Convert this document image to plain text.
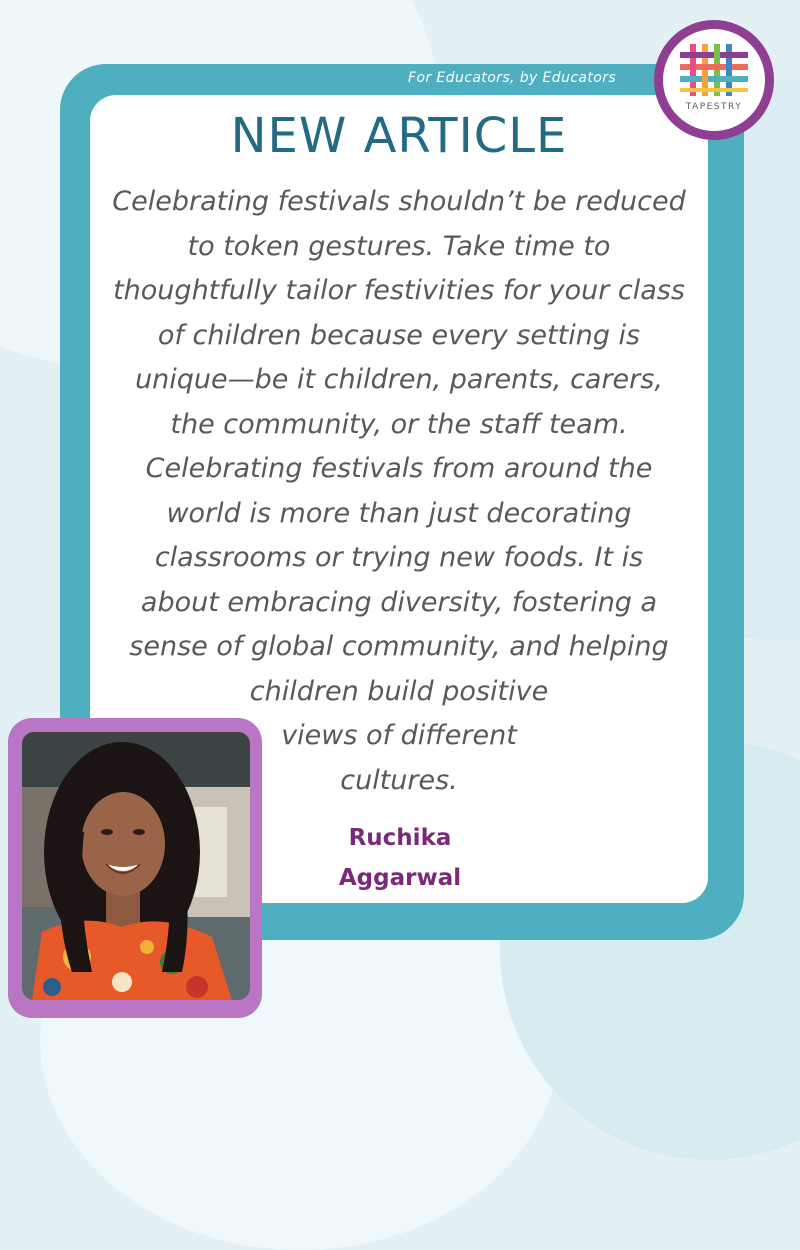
For Educators, by Educators
NEW ARTICLE

Celebrating festivals shouldn’t be reduced
to token gestures. Take time to
thoughtfully tailor festivities for your class
of children because every setting is
unique—be it children, parents, carers,
the community, or the staff team.
Celebrating festivals from around the
world is more than just decorating
classrooms or trying new foods. It is
about embracing diversity, fostering a
sense of global community, and helping
children build positive
views of different
cultures.

Ruchika
Aggarwal
TAPESTRY
